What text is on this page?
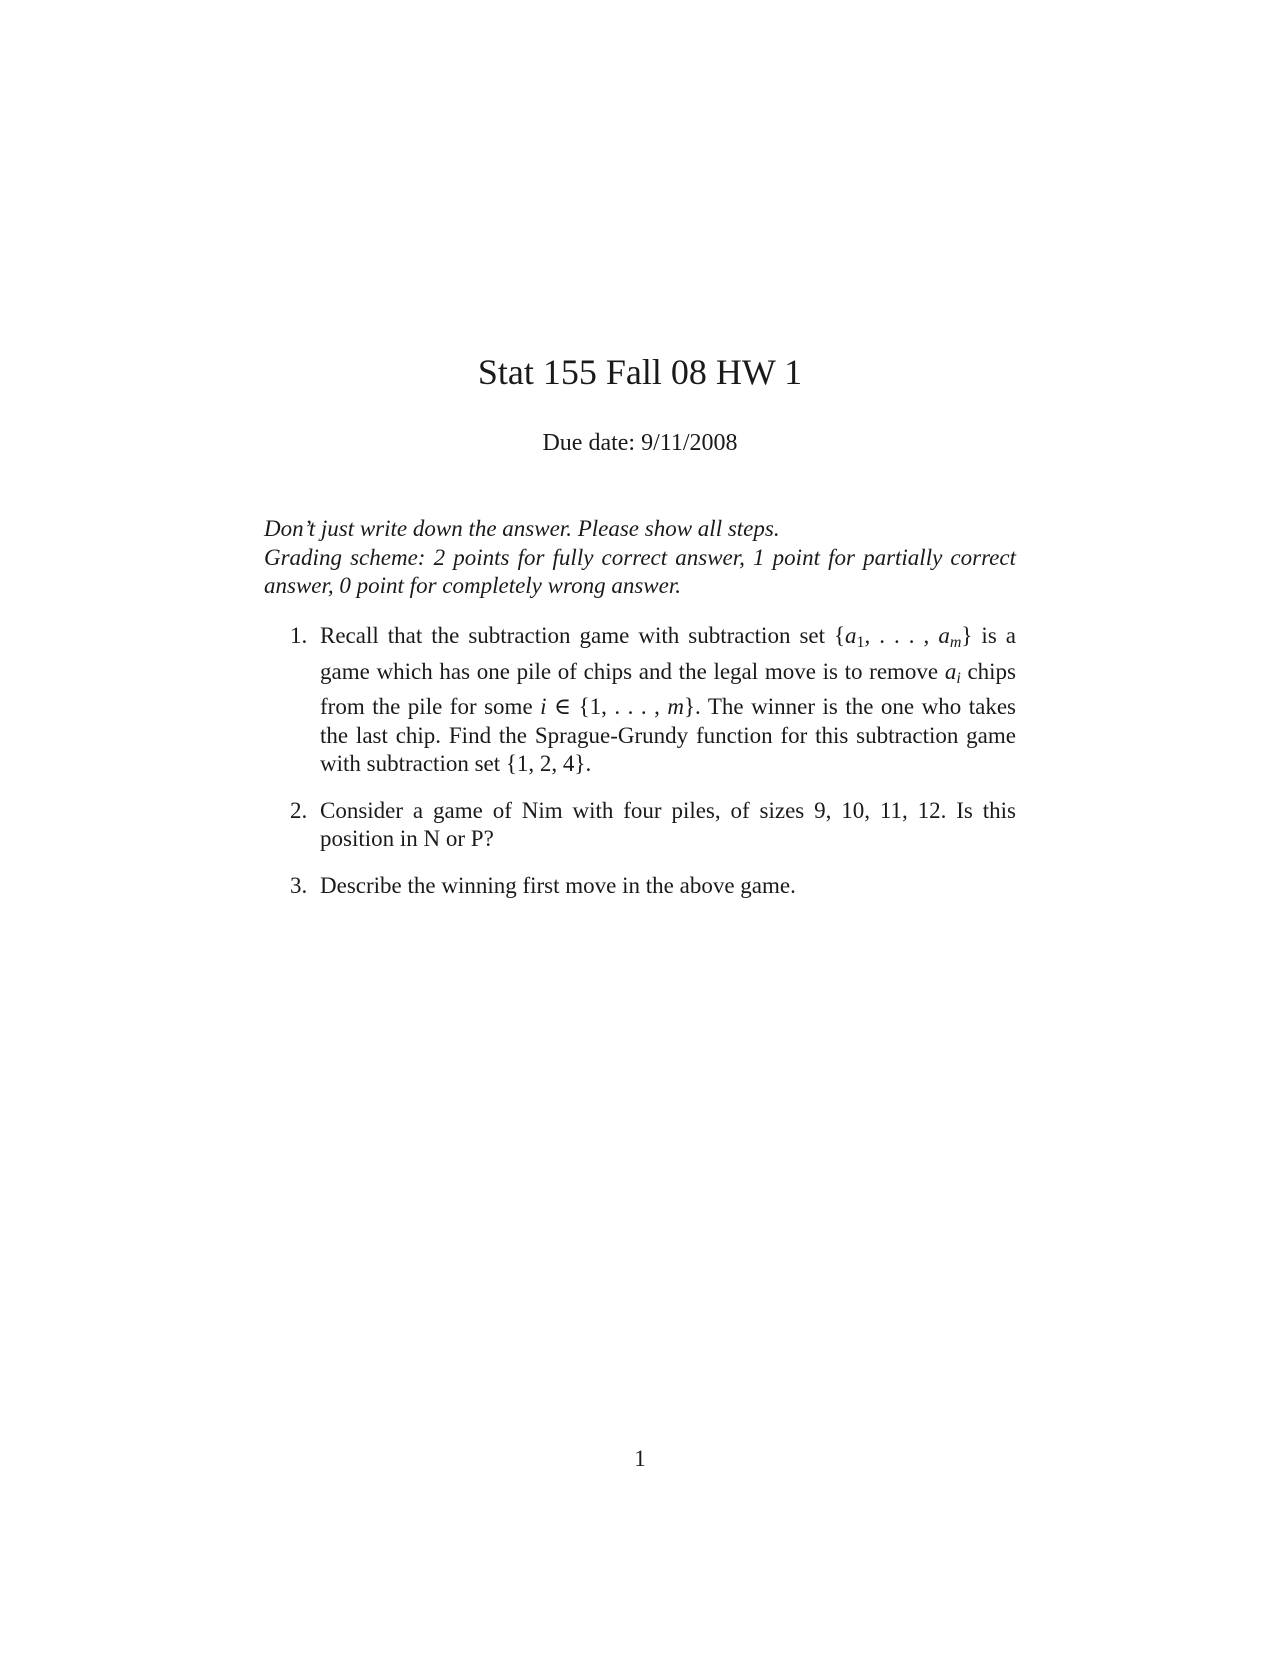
Stat 155 Fall 08 HW 1
Due date: 9/11/2008

Don’t just write down the answer. Please show all steps.

Grading scheme: 2 points for fully correct answer, 1 point for partially correct answer, 0 point for completely wrong answer.

1. Recall that the subtraction game with subtraction set {$a_1$, . . . , $a_m$} is a game which has one pile of chips and the legal move is to remove $a_i$ chips from the pile for some i ∈ {1, . . . , m}. The winner is the one who takes the last chip. Find the Sprague-Grundy function for this subtraction game with subtraction set {1, 2, 4}.
2. Consider a game of Nim with four piles, of sizes 9, 10, 11, 12. Is this position in N or P?
3. Describe the winning first move in the above game.
1
